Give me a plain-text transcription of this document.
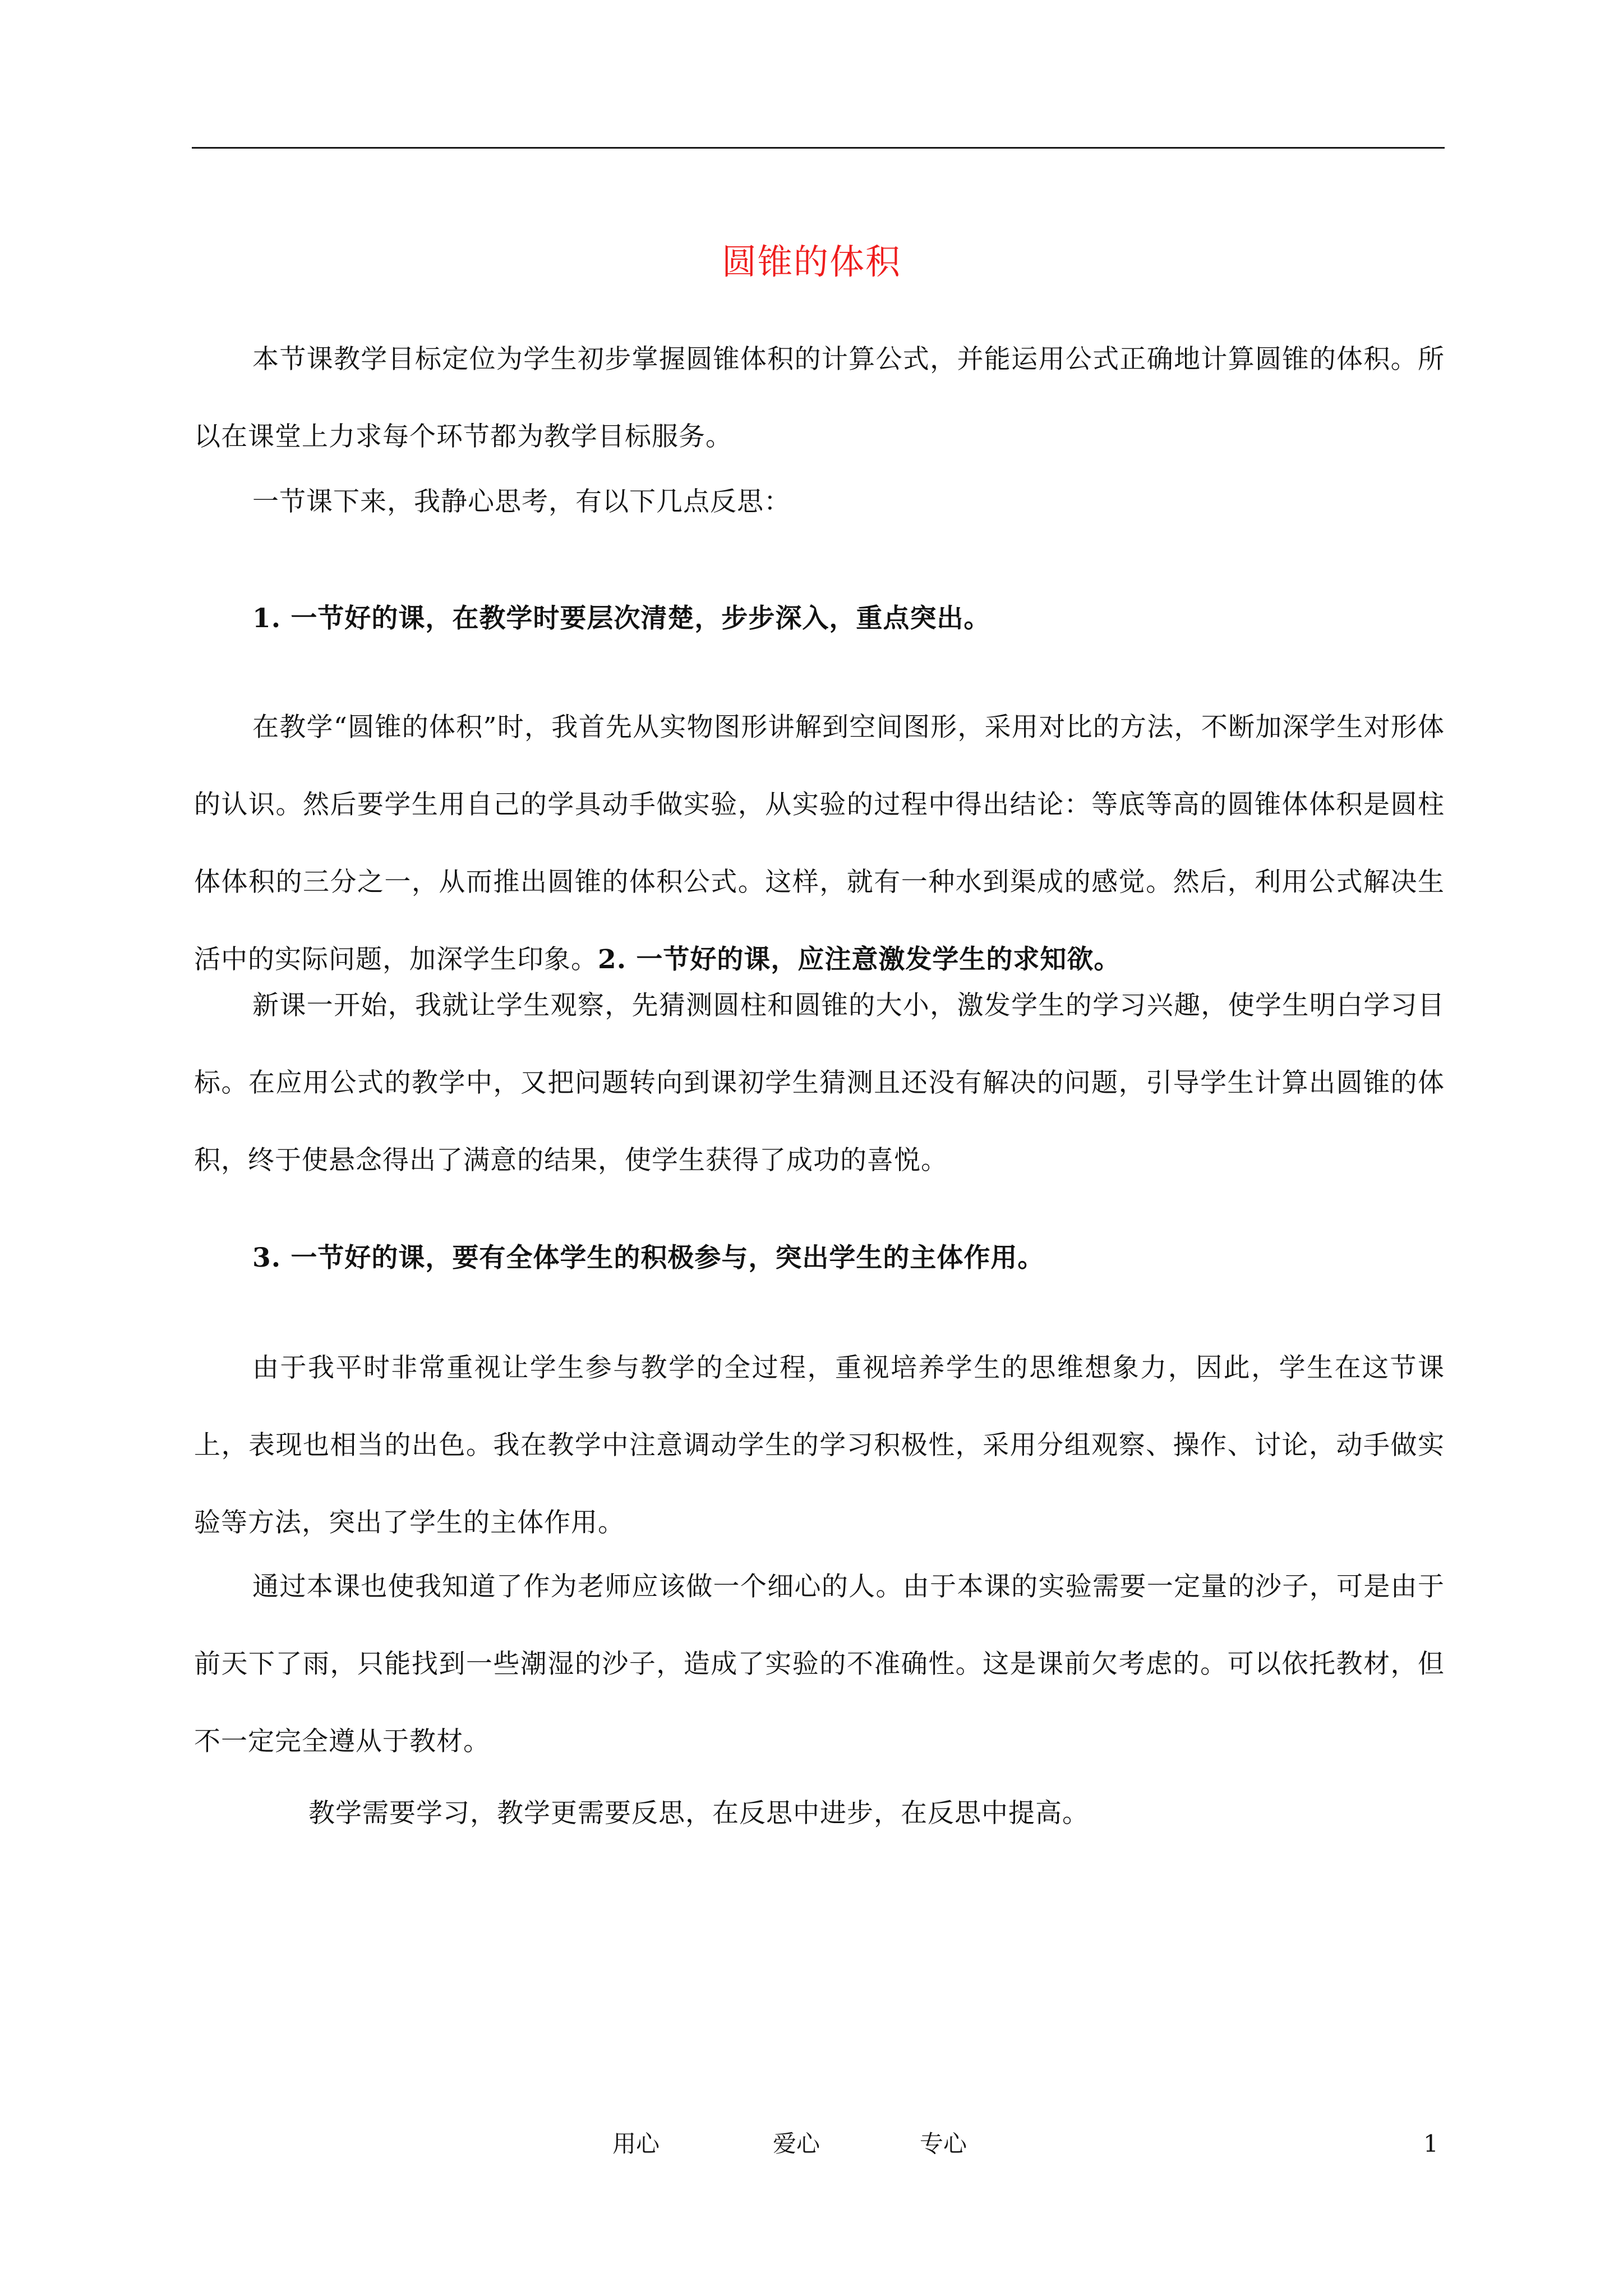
圆锥的体积

本节课教学目标定位为学生初步掌握圆锥体积的计算公式，并能运用公式正确地计算圆锥的体积。所以在课堂上力求每个环节都为教学目标服务。

一节课下来，我静心思考，有以下几点反思：

1. 一节好的课，在教学时要层次清楚，步步深入，重点突出。

在教学“圆锥的体积”时，我首先从实物图形讲解到空间图形，采用对比的方法，不断加深学生对形体的认识。然后要学生用自己的学具动手做实验，从实验的过程中得出结论：等底等高的圆锥体体积是圆柱体体积的三分之一，从而推出圆锥的体积公式。这样，就有一种水到渠成的感觉。然后，利用公式解决生活中的实际问题，加深学生印象。2. 一节好的课，应注意激发学生的求知欲。

新课一开始，我就让学生观察，先猜测圆柱和圆锥的大小，激发学生的学习兴趣，使学生明白学习目标。在应用公式的教学中，又把问题转向到课初学生猜测且还没有解决的问题，引导学生计算出圆锥的体积，终于使悬念得出了满意的结果，使学生获得了成功的喜悦。

3. 一节好的课，要有全体学生的积极参与，突出学生的主体作用。

由于我平时非常重视让学生参与教学的全过程，重视培养学生的思维想象力，因此，学生在这节课上，表现也相当的出色。我在教学中注意调动学生的学习积极性，采用分组观察、操作、讨论，动手做实验等方法，突出了学生的主体作用。

通过本课也使我知道了作为老师应该做一个细心的人。由于本课的实验需要一定量的沙子，可是由于前天下了雨，只能找到一些潮湿的沙子，造成了实验的不准确性。这是课前欠考虑的。可以依托教材，但不一定完全遵从于教材。

教学需要学习，教学更需要反思，在反思中进步，在反思中提高。

用心	爱心	专心	1
